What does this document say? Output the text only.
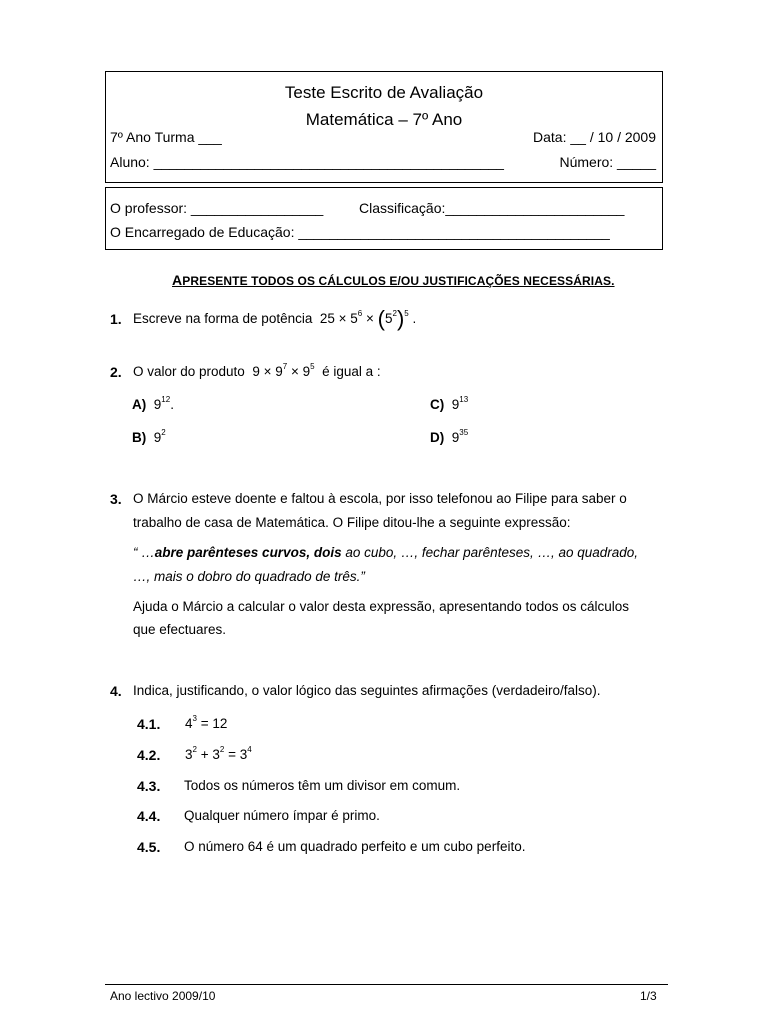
Teste Escrito de Avaliação
Matemática – 7º Ano
7º Ano Turma ___	Data: __ / 10 / 2009
Aluno: _____________________________________________	Número: _____
O professor: _________________	Classificação:_______________________
O Encarregado de Educação: ________________________________________
APRESENTE TODOS OS CÁLCULOS E/OU JUSTIFICAÇÕES NECESSÁRIAS.
1. Escreve na forma de potência $25 \times 5^6 \times (5^2)^5$ .
2. O valor do produto $9 \times 9^7 \times 9^5$ é igual a :
A) $9^{12}$.	C) $9^{13}$
B) $9^2$	D) $9^{35}$
3. O Márcio esteve doente e faltou à escola, por isso telefonou ao Filipe para saber o
trabalho de casa de Matemática. O Filipe ditou-lhe a seguinte expressão:
“ …abre parênteses curvos, dois ao cubo, …, fechar parênteses, …, ao quadrado,
…, mais o dobro do quadrado de três.”
Ajuda o Márcio a calcular o valor desta expressão, apresentando todos os cálculos
que efectuares.
4. Indica, justificando, o valor lógico das seguintes afirmações (verdadeiro/falso).
4.1. $4^3 = 12$
4.2. $3^2 + 3^2 = 3^4$
4.3. Todos os números têm um divisor em comum.
4.4. Qualquer número ímpar é primo.
4.5. O número 64 é um quadrado perfeito e um cubo perfeito.
Ano lectivo 2009/10	1/3
